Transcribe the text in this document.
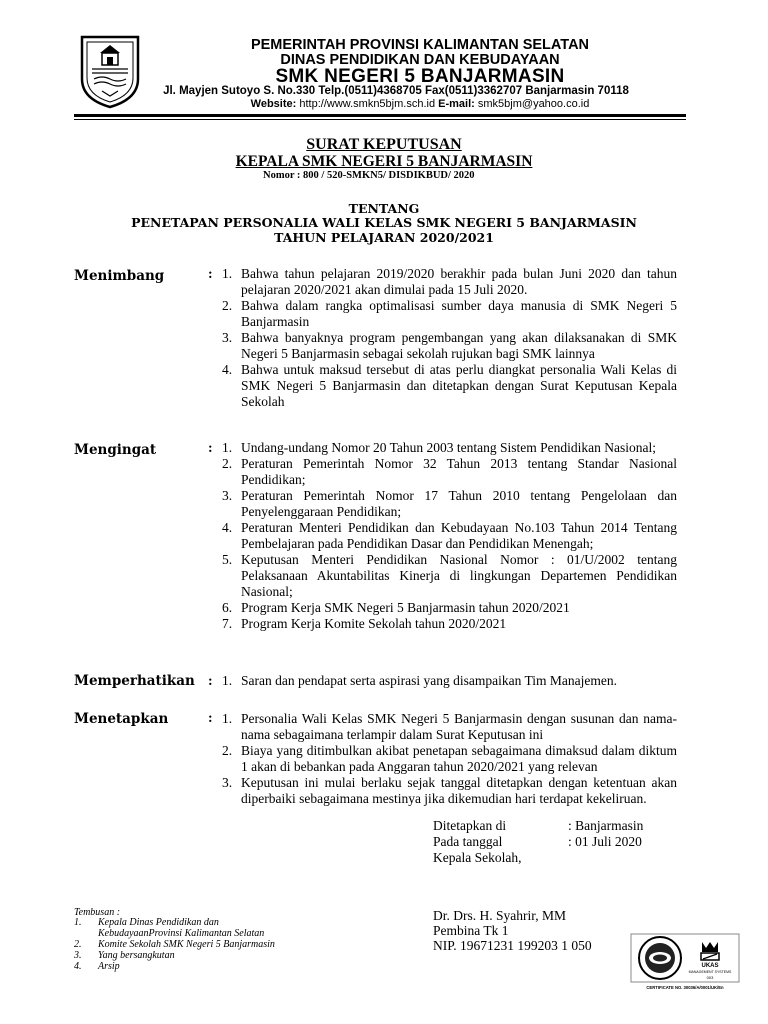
PEMERINTAH PROVINSI KALIMANTAN SELATAN
DINAS PENDIDIKAN DAN KEBUDAYAAN
SMK NEGERI 5 BANJARMASIN
Jl. Mayjen Sutoyo S. No.330 Telp.(0511)4368705 Fax(0511)3362707 Banjarmasin 70118
Website: http://www.smkn5bjm.sch.id E-mail: smk5bjm@yahoo.co.id
SURAT KEPUTUSAN
KEPALA SMK NEGERI 5 BANJARMASIN
Nomor : 800 / 520-SMKN5/ DISDIKBUD/ 2020
TENTANG
PENETAPAN PERSONALIA WALI KELAS SMK NEGERI 5 BANJARMASIN
TAHUN PELAJARAN 2020/2021
Menimbang	: 1. Bahwa tahun pelajaran 2019/2020 berakhir pada bulan Juni 2020 dan tahun pelajaran 2020/2021 akan dimulai pada 15 Juli 2020.
2. Bahwa dalam rangka optimalisasi sumber daya manusia di SMK Negeri 5 Banjarmasin
3. Bahwa banyaknya program pengembangan yang akan dilaksanakan di SMK Negeri 5 Banjarmasin sebagai sekolah rujukan bagi SMK lainnya
4. Bahwa untuk maksud tersebut di atas perlu diangkat personalia Wali Kelas di SMK Negeri 5 Banjarmasin dan ditetapkan dengan Surat Keputusan Kepala Sekolah
Mengingat	: 1. Undang-undang Nomor 20 Tahun 2003 tentang Sistem Pendidikan Nasional;
2. Peraturan Pemerintah Nomor 32 Tahun 2013 tentang Standar Nasional Pendidikan;
3. Peraturan Pemerintah Nomor 17 Tahun 2010 tentang Pengelolaan dan Penyelenggaraan Pendidikan;
4. Peraturan Menteri Pendidikan dan Kebudayaan No.103 Tahun 2014 Tentang Pembelajaran pada Pendidikan Dasar dan Pendidikan Menengah;
5. Keputusan Menteri Pendidikan Nasional Nomor : 01/U/2002 tentang Pelaksanaan Akuntabilitas Kinerja di lingkungan Departemen Pendidikan Nasional;
6. Program Kerja SMK Negeri 5 Banjarmasin tahun 2020/2021
7. Program Kerja Komite Sekolah tahun 2020/2021
Memperhatikan : 1. Saran dan pendapat serta aspirasi yang disampaikan Tim Manajemen.
Menetapkan	: 1. Personalia Wali Kelas SMK Negeri 5 Banjarmasin dengan susunan dan nama-nama sebagaimana terlampir dalam Surat Keputusan ini
2. Biaya yang ditimbulkan akibat penetapan sebagaimana dimaksud dalam diktum 1 akan di bebankan pada Anggaran tahun 2020/2021 yang relevan
3. Keputusan ini mulai berlaku sejak tanggal ditetapkan dengan ketentuan akan diperbaiki sebagaimana mestinya jika dikemudian hari terdapat kekeliruan.
Ditetapkan di	: Banjarmasin
Pada tanggal	: 01 Juli 2020
Kepala Sekolah,
Dr. Drs. H. Syahrir, MM
Pembina Tk 1
NIP. 19671231 199203 1 050
Tembusan :
1. Kepala Dinas Pendidikan dan
KebudayaanProvinsi Kalimantan Selatan
2. Komite Sekolah SMK Negeri 5 Banjarmasin
3. Yang bersangkutan
4. Arsip	UKAS
MANAGEMENT SYSTEMS
003
CERTIFICATE NO. 30036/A/0001/UK/En
